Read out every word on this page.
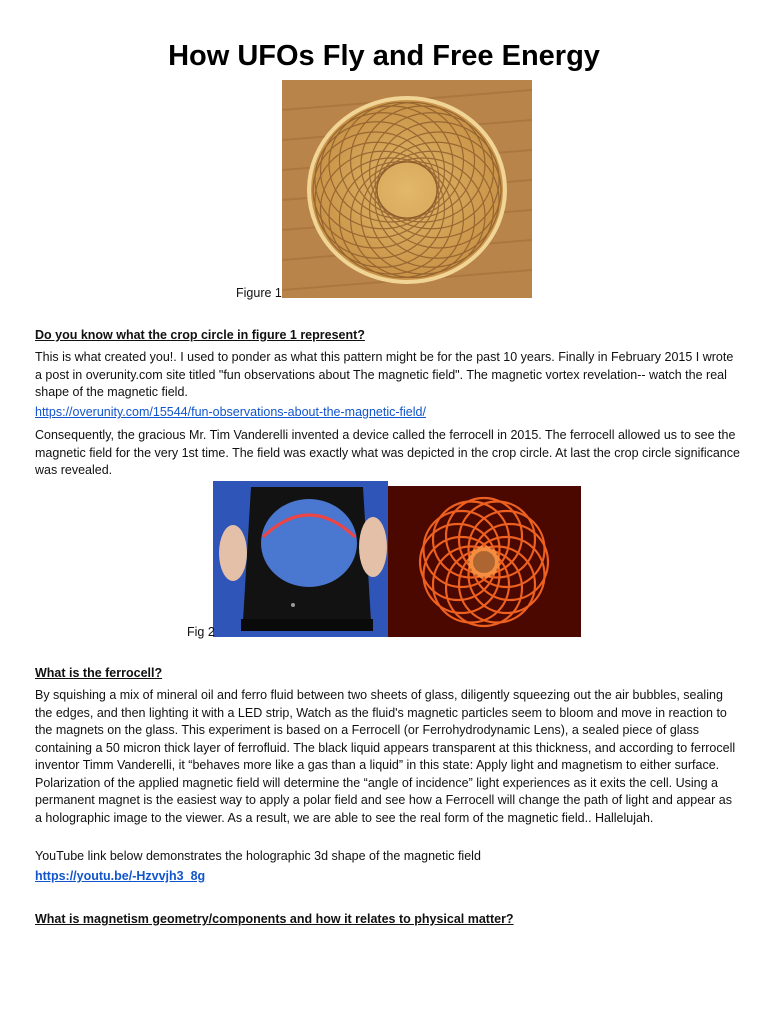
How UFOs Fly and Free Energy
Figure 1
Do you know what the crop circle in figure 1 represent?
This is what created you!. I used to ponder as what this pattern might be for the past 10 years. Finally in February 2015 I wrote a post in overunity.com site titled "fun observations about The magnetic field". The magnetic vortex revelation-- watch the real shape of the magnetic field.
https://overunity.com/15544/fun-observations-about-the-magnetic-field/
Consequently, the gracious Mr. Tim Vanderelli invented a device called the ferrocell in 2015. The ferrocell allowed us to see the magnetic field for the very 1st time. The field was exactly what was depicted in the crop circle. At last the crop circle significance was revealed.
Fig 2
What is the ferrocell?
By squishing a mix of mineral oil and ferro fluid between two sheets of glass, diligently squeezing out the air bubbles, sealing the edges, and then lighting it with a LED strip, Watch as the fluid's magnetic particles seem to bloom and move in reaction to the magnets on the glass. This experiment is based on a Ferrocell (or Ferrohydrodynamic Lens), a sealed piece of glass containing a 50 micron thick layer of ferrofluid. The black liquid appears transparent at this thickness, and according to ferrocell inventor Timm Vanderelli, it “behaves more like a gas than a liquid” in this state: Apply light and magnetism to either surface. Polarization of the applied magnetic field will determine the “angle of incidence” light experiences as it exits the cell. Using a permanent magnet is the easiest way to apply a polar field and see how a Ferrocell will change the path of light and appear as a holographic image to the viewer. As a result, we are able to see the real form of the magnetic field.. Hallelujah.
YouTube link below demonstrates the holographic 3d shape of the magnetic field
https://youtu.be/-Hzvvjh3_8g
What is magnetism geometry/components and how it relates to physical matter?
